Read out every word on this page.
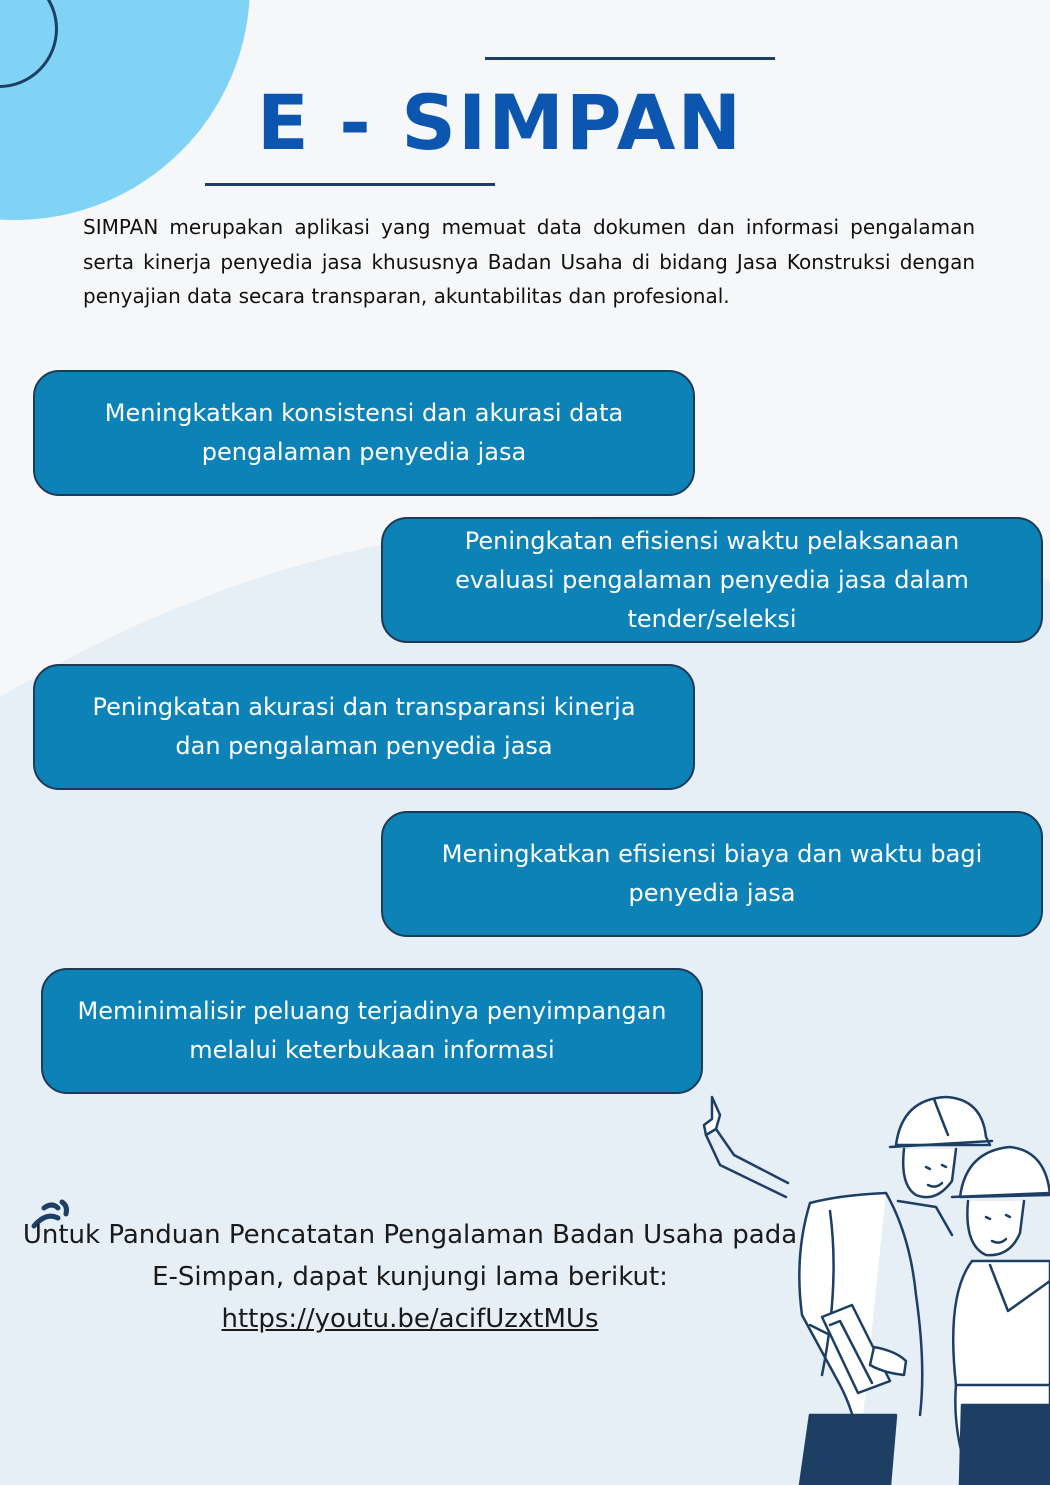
E - SIMPAN

SIMPAN merupakan aplikasi yang memuat data dokumen dan informasi pengalaman serta kinerja penyedia jasa khususnya Badan Usaha di bidang Jasa Konstruksi dengan penyajian data secara transparan, akuntabilitas dan profesional.

Meningkatkan konsistensi dan akurasi data pengalaman penyedia jasa
Peningkatan efisiensi waktu pelaksanaan evaluasi pengalaman penyedia jasa dalam tender/seleksi
Peningkatan akurasi dan transparansi kinerja dan pengalaman penyedia jasa
Meningkatkan efisiensi biaya dan waktu bagi penyedia jasa
Meminimalisir peluang terjadinya penyimpangan melalui keterbukaan informasi

Untuk Panduan Pencatatan Pengalaman Badan Usaha pada E-Simpan, dapat kunjungi lama berikut:

https://youtu.be/acifUzxtMUs
